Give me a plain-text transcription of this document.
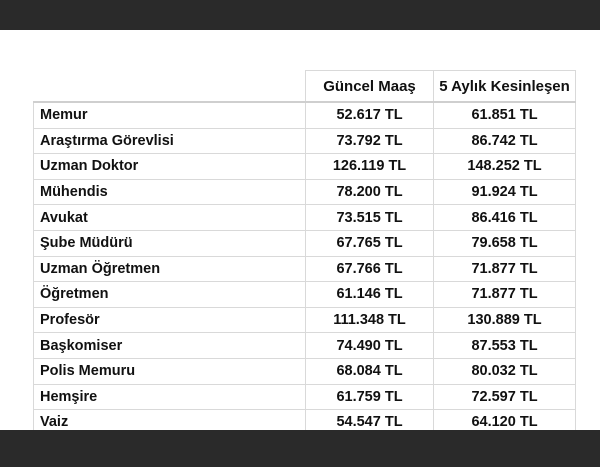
	Güncel Maaş	5 Aylık Kesinleşen
Memur	52.617 TL	61.851 TL
Araştırma Görevlisi	73.792 TL	86.742 TL
Uzman Doktor	126.119 TL	148.252 TL
Mühendis	78.200 TL	91.924 TL
Avukat	73.515 TL	86.416 TL
Şube Müdürü	67.765 TL	79.658 TL
Uzman Öğretmen	67.766 TL	71.877 TL
Öğretmen	61.146 TL	71.877 TL
Profesör	111.348 TL	130.889 TL
Başkomiser	74.490 TL	87.553 TL
Polis Memuru	68.084 TL	80.032 TL
Hemşire	61.759 TL	72.597 TL
Vaiz	54.547 TL	64.120 TL
